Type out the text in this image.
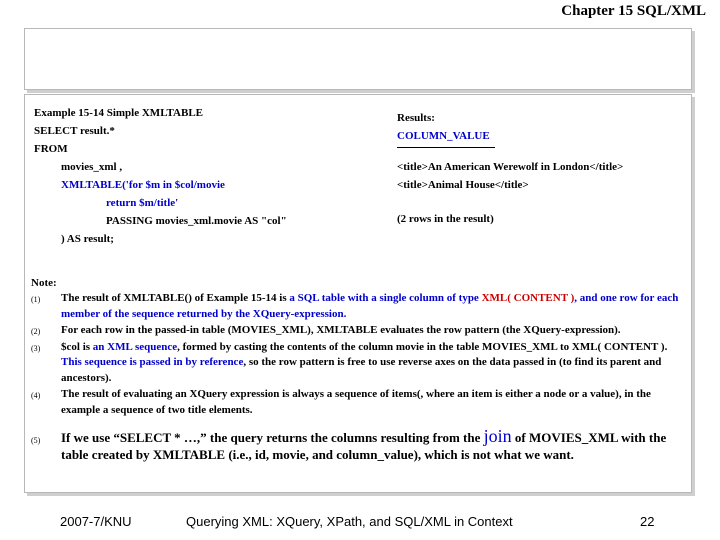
Chapter 15 SQL/XML
Example 15-14 Simple XMLTABLE
SELECT result.*
FROM
movies_xml ,
XMLTABLE('for $m in $col/movie
return $m/title'
PASSING movies_xml.movie AS "col"
) AS result;
Results:
COLUMN_VALUE
<title>An American Werewolf in London</title>
<title>Animal House</title>
(2 rows in the result)
Note:
(1)	The result of XMLTABLE() of Example 15-14 is a SQL table with a single column of type XML( CONTENT ), and one row for each member of the sequence returned by the XQuery-expression.
(2)	For each row in the passed-in table (MOVIES_XML), XMLTABLE evaluates the row pattern (the XQuery-expression).
(3)	$col is an XML sequence, formed by casting the contents of the column movie in the table MOVIES_XML to XML( CONTENT ). This sequence is passed in by reference, so the row pattern is free to use reverse axes on the data passed in (to find its parent and ancestors).
(4)	The result of evaluating an XQuery expression is always a sequence of items(, where an item is either a node or a value), in the example a sequence of two title elements.
(5)	If we use “SELECT * …,” the query returns the columns resulting from the join of MOVIES_XML with the table created by XMLTABLE (i.e., id, movie, and column_value), which is not what we want.
2007-7/KNU	Querying XML: XQuery, XPath, and SQL/XML in Context	22
